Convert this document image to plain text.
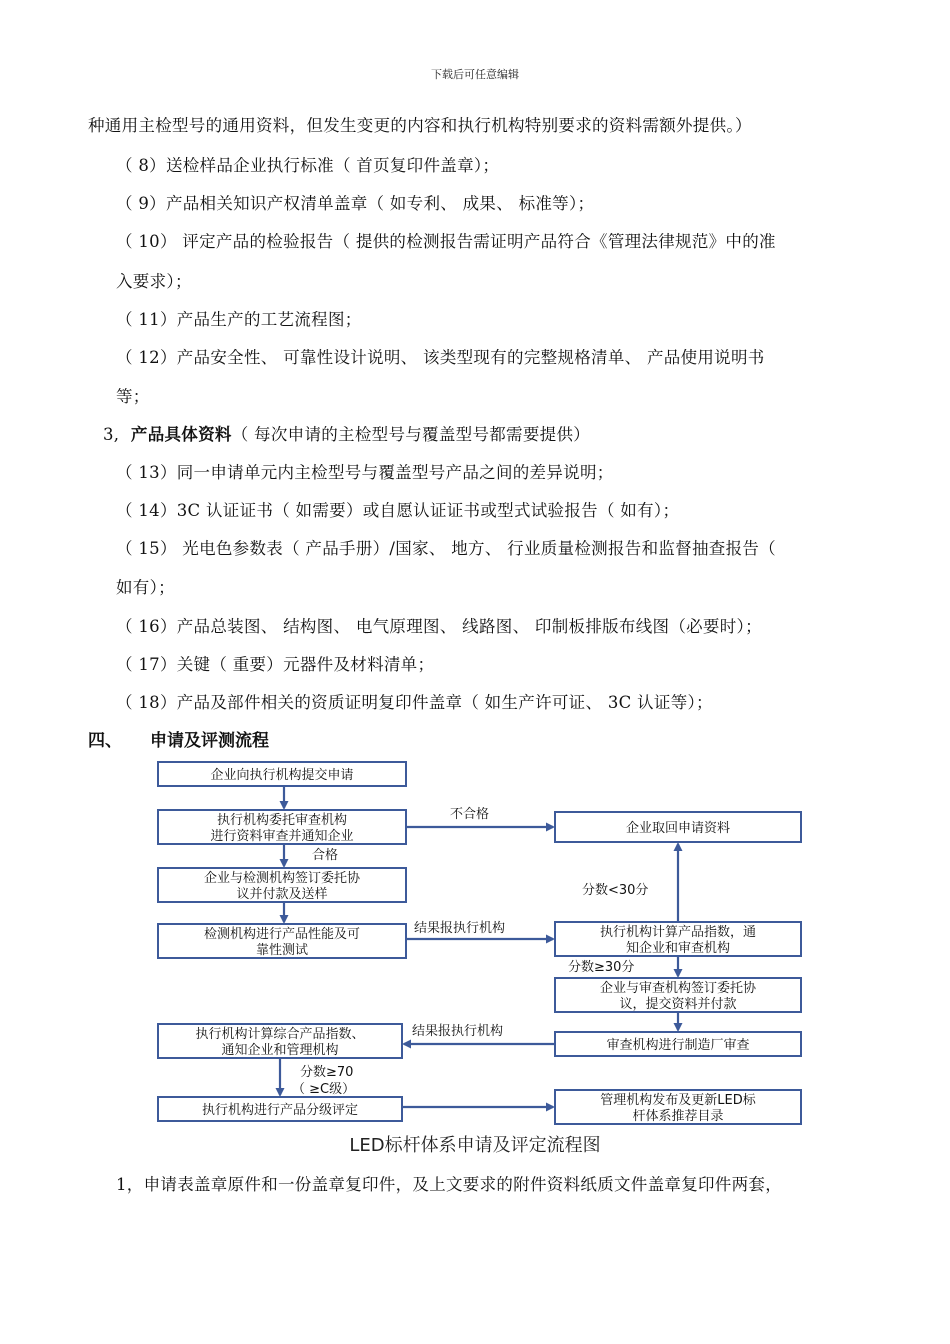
下载后可任意编辑
种通用主检型号的通用资料，但发生变更的内容和执行机构特别要求的资料需额外提供。）
（ 8）送检样品企业执行标准（ 首页复印件盖章）；
（ 9）产品相关知识产权清单盖章（ 如专利、 成果、 标准等）；
（ 10） 评定产品的检验报告（ 提供的检测报告需证明产品符合《管理法律规范》中的准
入要求）；
（ 11）产品生产的工艺流程图；
（ 12）产品安全性、 可靠性设计说明、 该类型现有的完整规格清单、 产品使用说明书
等；
3, 产品具体资料（ 每次申请的主检型号与覆盖型号都需要提供）
（ 13）同一申请单元内主检型号与覆盖型号产品之间的差异说明；
（ 14）3C 认证证书（ 如需要）或自愿认证证书或型式试验报告（ 如有）；
（ 15） 光电色参数表（ 产品手册）/国家、 地方、 行业质量检测报告和监督抽查报告（
如有）；
（ 16）产品总装图、 结构图、 电气原理图、 线路图、 印制板排版布线图（必要时）；
（ 17）关键（ 重要）元器件及材料清单；
（ 18）产品及部件相关的资质证明复印件盖章（ 如生产许可证、 3C 认证等）；
四、 申请及评测流程
企业向执行机构提交申请
执行机构委托审查机构
进行资料审查并通知企业
企业与检测机构签订委托协
议并付款及送样
检测机构进行产品性能及可
靠性测试
执行机构计算综合产品指数、
通知企业和管理机构
执行机构进行产品分级评定
企业取回申请资料
执行机构计算产品指数，通
知企业和审查机构
企业与审查机构签订委托协
议，提交资料并付款
审查机构进行制造厂审查
管理机构发布及更新LED标
杆体系推荐目录
不合格
合格
分数<30分
结果报执行机构
分数≥30分
结果报执行机构
分数≥70
（ ≥C级）
LED标杆体系申请及评定流程图
1，申请表盖章原件和一份盖章复印件，及上文要求的附件资料纸质文件盖章复印件两套，
